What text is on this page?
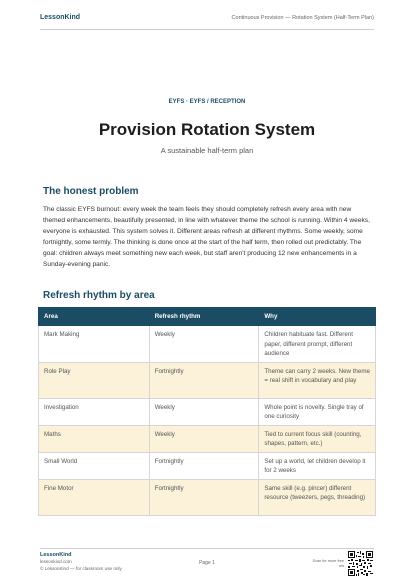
LessonKind	Continuous Provision — Rotation System (Half-Term Plan)
EYFS · EYFS / RECEPTION
Provision Rotation System
A sustainable half-term plan
The honest problem

The classic EYFS burnout: every week the team feels they should completely refresh every area with new themed enhancements, beautifully presented, in line with whatever theme the school is running. Within 4 weeks, everyone is exhausted. This system solves it. Different areas refresh at different rhythms. Some weekly, some fortnightly, some termly. The thinking is done once at the start of the half term, then rolled out predictably. The goal: children always meet something new each week, but staff aren't producing 12 new enhancements in a Sunday-evening panic.

Refresh rhythm by area
Area	Refresh rhythm	Why
Mark Making	Weekly	Children habituate fast. Different paper, different prompt, different audience
Role Play	Fortnightly	Theme can carry 2 weeks. New theme = real shift in vocabulary and play
Investigation	Weekly	Whole point is novelty. Single tray of one curiosity
Maths	Weekly	Tied to current focus skill (counting, shapes, pattern, etc.)
Small World	Fortnightly	Set up a world, let children develop it for 2 weeks
Fine Motor	Fortnightly	Same skill (e.g. pincer) different resource (tweezers, pegs, threading)
LessonKind
lessonkind.com
© LessonKind — for classroom use only
Page 1	Scan for more free res
